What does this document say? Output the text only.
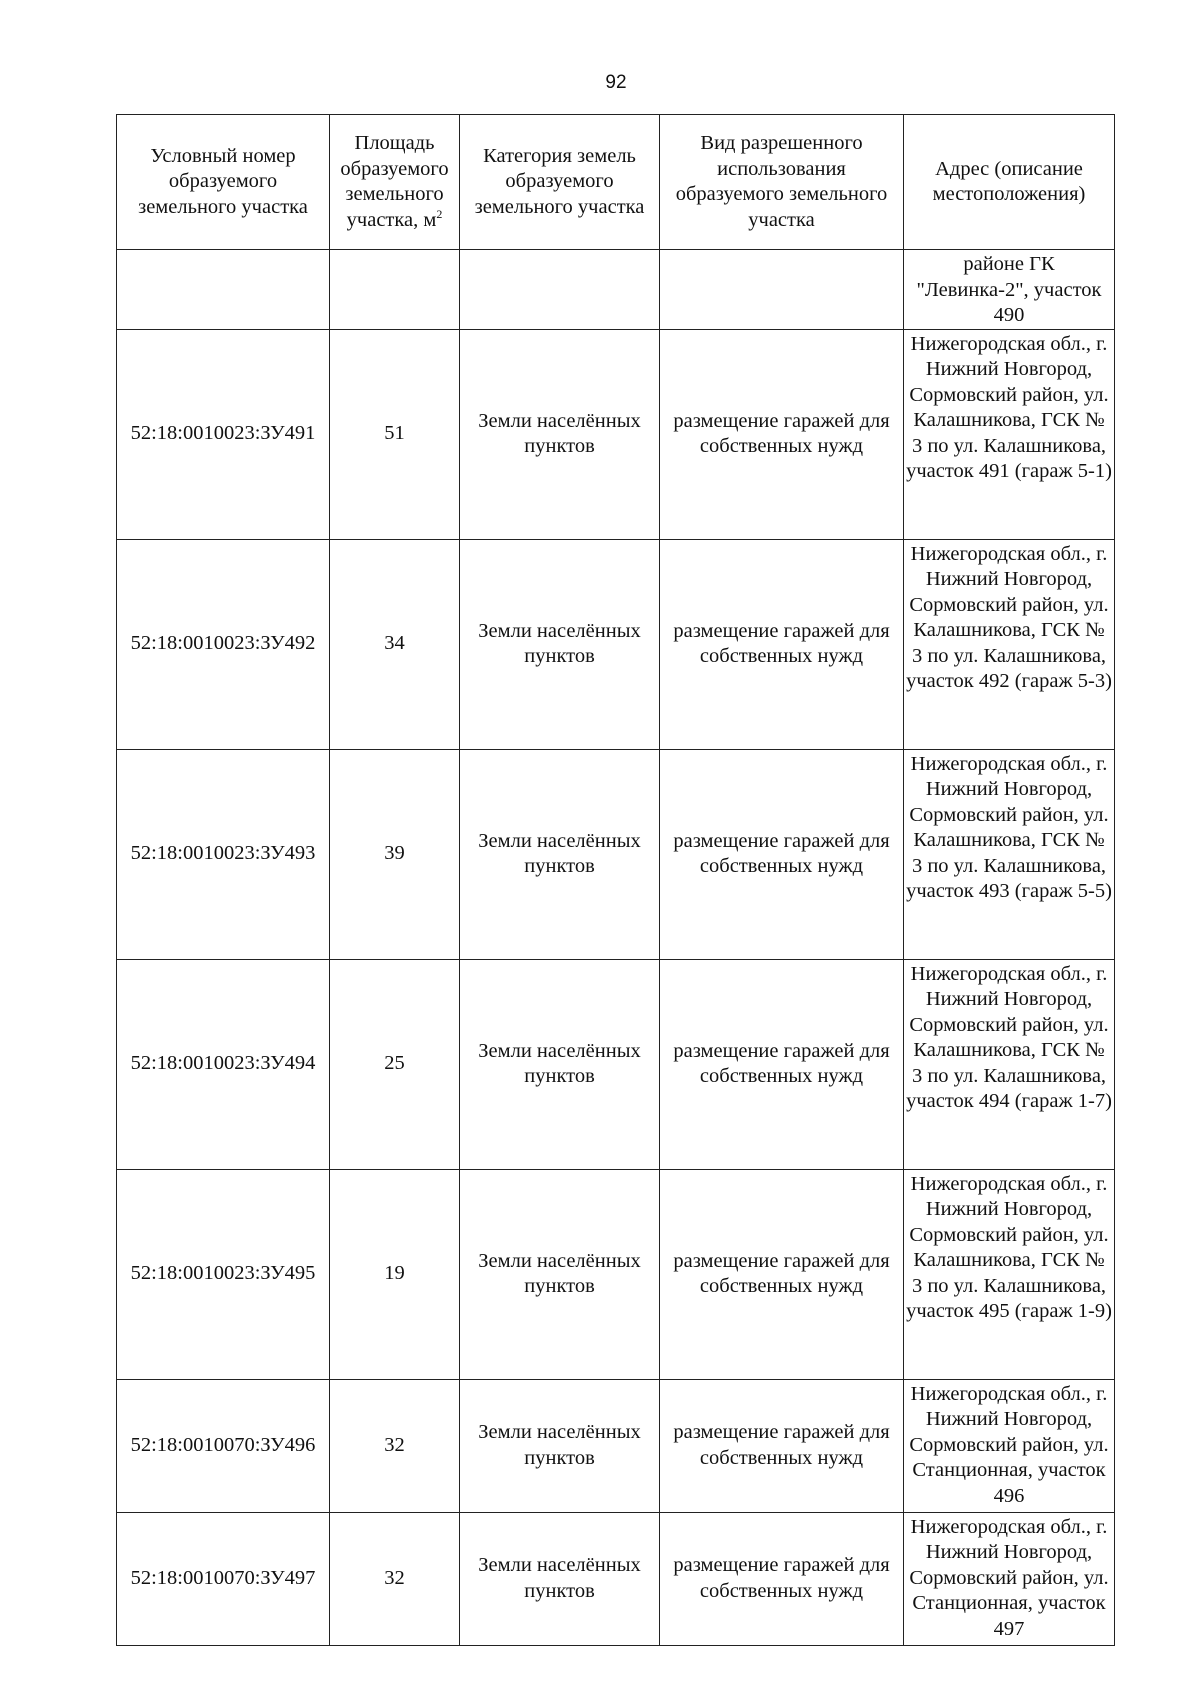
92
Условный номер образуемого земельного участка	Площадь образуемого земельного участка, $м^2$	Категория земель образуемого земельного участка	Вид разрешенного использования образуемого земельного участка	Адрес (описание местоположения)
				районе ГК "Левинка-2", участок 490
52:18:0010023:ЗУ491	51	Земли населённых пунктов	размещение гаражей для собственных нужд	Нижегородская обл., г. Нижний Новгород, Сормовский район, ул. Калашникова, ГСК № 3 по ул. Калашникова, участок 491 (гараж 5-1)
52:18:0010023:ЗУ492	34	Земли населённых пунктов	размещение гаражей для собственных нужд	Нижегородская обл., г. Нижний Новгород, Сормовский район, ул. Калашникова, ГСК № 3 по ул. Калашникова, участок 492 (гараж 5-3)
52:18:0010023:ЗУ493	39	Земли населённых пунктов	размещение гаражей для собственных нужд	Нижегородская обл., г. Нижний Новгород, Сормовский район, ул. Калашникова, ГСК № 3 по ул. Калашникова, участок 493 (гараж 5-5)
52:18:0010023:ЗУ494	25	Земли населённых пунктов	размещение гаражей для собственных нужд	Нижегородская обл., г. Нижний Новгород, Сормовский район, ул. Калашникова, ГСК № 3 по ул. Калашникова, участок 494 (гараж 1-7)
52:18:0010023:ЗУ495	19	Земли населённых пунктов	размещение гаражей для собственных нужд	Нижегородская обл., г. Нижний Новгород, Сормовский район, ул. Калашникова, ГСК № 3 по ул. Калашникова, участок 495 (гараж 1-9)
52:18:0010070:ЗУ496	32	Земли населённых пунктов	размещение гаражей для собственных нужд	Нижегородская обл., г. Нижний Новгород, Сормовский район, ул. Станционная, участок 496
52:18:0010070:ЗУ497	32	Земли населённых пунктов	размещение гаражей для собственных нужд	Нижегородская обл., г. Нижний Новгород, Сормовский район, ул. Станционная, участок 497
